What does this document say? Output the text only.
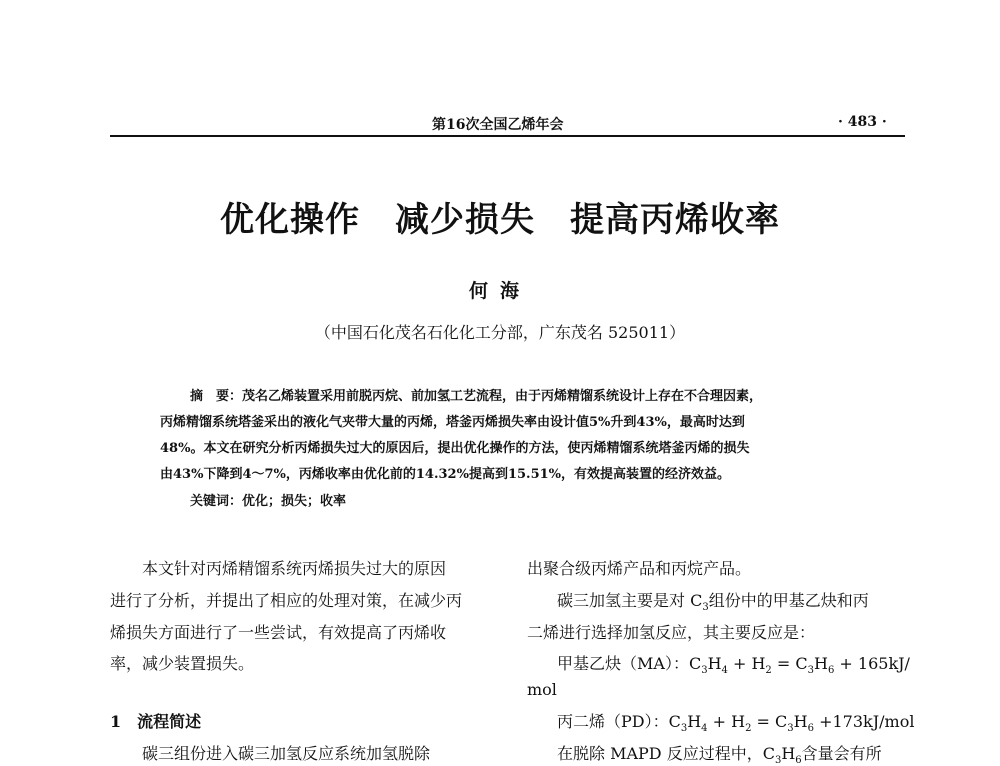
第16次全国乙烯年会	· 483 ·
优化操作　减少损失　提高丙烯收率
何海
（中国石化茂名石化化工分部，广东茂名 525011）
摘　要：茂名乙烯装置采用前脱丙烷、前加氢工艺流程，由于丙烯精馏系统设计上存在不合理因素，
丙烯精馏系统塔釜采出的液化气夹带大量的丙烯，塔釜丙烯损失率由设计值5%升到43%，最高时达到
48%。本文在研究分析丙烯损失过大的原因后，提出优化操作的方法，使丙烯精馏系统塔釜丙烯的损失
由43%下降到4～7%，丙烯收率由优化前的14.32%提高到15.51%，有效提高装置的经济效益。
关键词：优化；损失；收率
本文针对丙烯精馏系统丙烯损失过大的原因
进行了分析，并提出了相应的处理对策，在减少丙
烯损失方面进行了一些尝试，有效提高了丙烯收
率，减少装置损失。
1　流程简述
碳三组份进入碳三加氢反应系统加氢脱除
出聚合级丙烯产品和丙烷产品。
碳三加氢主要是对 $C_3$组份中的甲基乙炔和丙
二烯进行选择加氢反应，其主要反应是：
甲基乙炔（MA）：$C_3H_4 + H_2 = C_3H_6 + 165kJ/$
mol
丙二烯（PD）：$C_3H_4 + H_2 = C_3H_6 +173kJ/mol$
在脱除 MAPD 反应过程中，$C_3H_6$含量会有所
